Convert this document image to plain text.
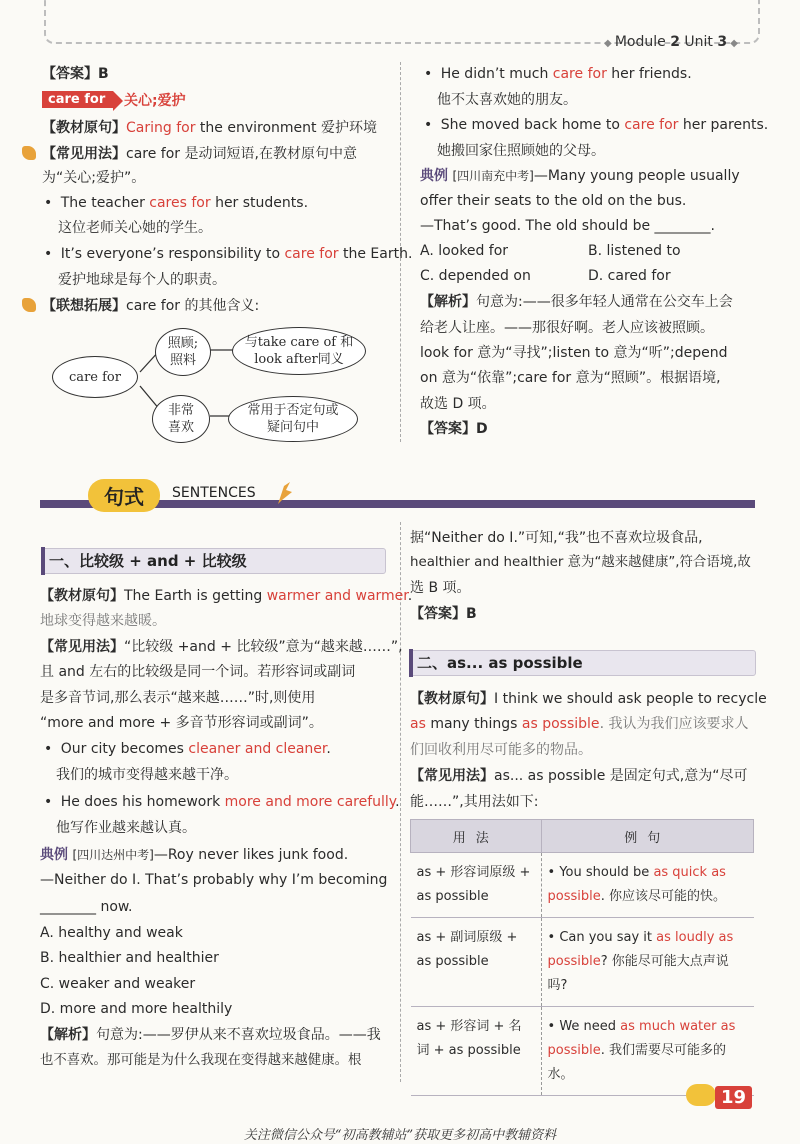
◆ Module 2 Unit 3 ◆
【答案】B
care for	关心;爱护
【教材原句】Caring for the environment 爱护环境
【常见用法】care for 是动词短语,在教材原句中意
为“关心;爱护”。
• The teacher cares for her students.
这位老师关心她的学生。
• It’s everyone’s responsibility to care for the Earth.
爱护地球是每个人的职责。
【联想拓展】care for 的其他含义:
care for
照顾;
照料
与take care of 和
look after同义
非常
喜欢
常用于否定句或
疑问句中
• He didn’t much care for her friends.
他不太喜欢她的朋友。
• She moved back home to care for her parents.
她搬回家住照顾她的父母。
典例 [四川南充中考]—Many young people usually
offer their seats to the old on the bus.
—That’s good. The old should be ________.
A. looked for	B. listened to
C. depended on	D. cared for
【解析】句意为:——很多年轻人通常在公交车上会
给老人让座。——那很好啊。老人应该被照顾。
look for 意为“寻找”;listen to 意为“听”;depend
on 意为“依靠”;care for 意为“照顾”。根据语境,
故选 D 项。
【答案】D
句式	SENTENCES
一、比较级 + and + 比较级
【教材原句】The Earth is getting warmer and warmer.
地球变得越来越暖。
【常见用法】“比较级 +and + 比较级”意为“越来越……”,
且 and 左右的比较级是同一个词。若形容词或副词
是多音节词,那么表示“越来越……”时,则使用
“more and more + 多音节形容词或副词”。
• Our city becomes cleaner and cleaner.
我们的城市变得越来越干净。
• He does his homework more and more carefully.
他写作业越来越认真。
典例 [四川达州中考]—Roy never likes junk food.
—Neither do I. That’s probably why I’m becoming
________ now.
A. healthy and weak
B. healthier and healthier
C. weaker and weaker
D. more and more healthily
【解析】句意为:——罗伊从来不喜欢垃圾食品。——我
也不喜欢。那可能是为什么我现在变得越来越健康。根
据“Neither do I.”可知,“我”也不喜欢垃圾食品,
healthier and healthier 意为“越来越健康”,符合语境,故
选 B 项。
【答案】B
二、as... as possible
【教材原句】I think we should ask people to recycle
as many things as possible. 我认为我们应该要求人
们回收利用尽可能多的物品。
【常见用法】as... as possible 是固定句式,意为“尽可
能……”,其用法如下:
用法	例句
as + 形容词原级 +
as possible	• You should be as quick as possible. 你应该尽可能的快。
as + 副词原级 +
as possible	• Can you say it as loudly as possible? 你能尽可能大点声说吗?
as + 形容词 + 名
词 + as possible	• We need as much water as possible. 我们需要尽可能多的水。
19
关注微信公众号“初高教辅站”获取更多初高中教辅资料
